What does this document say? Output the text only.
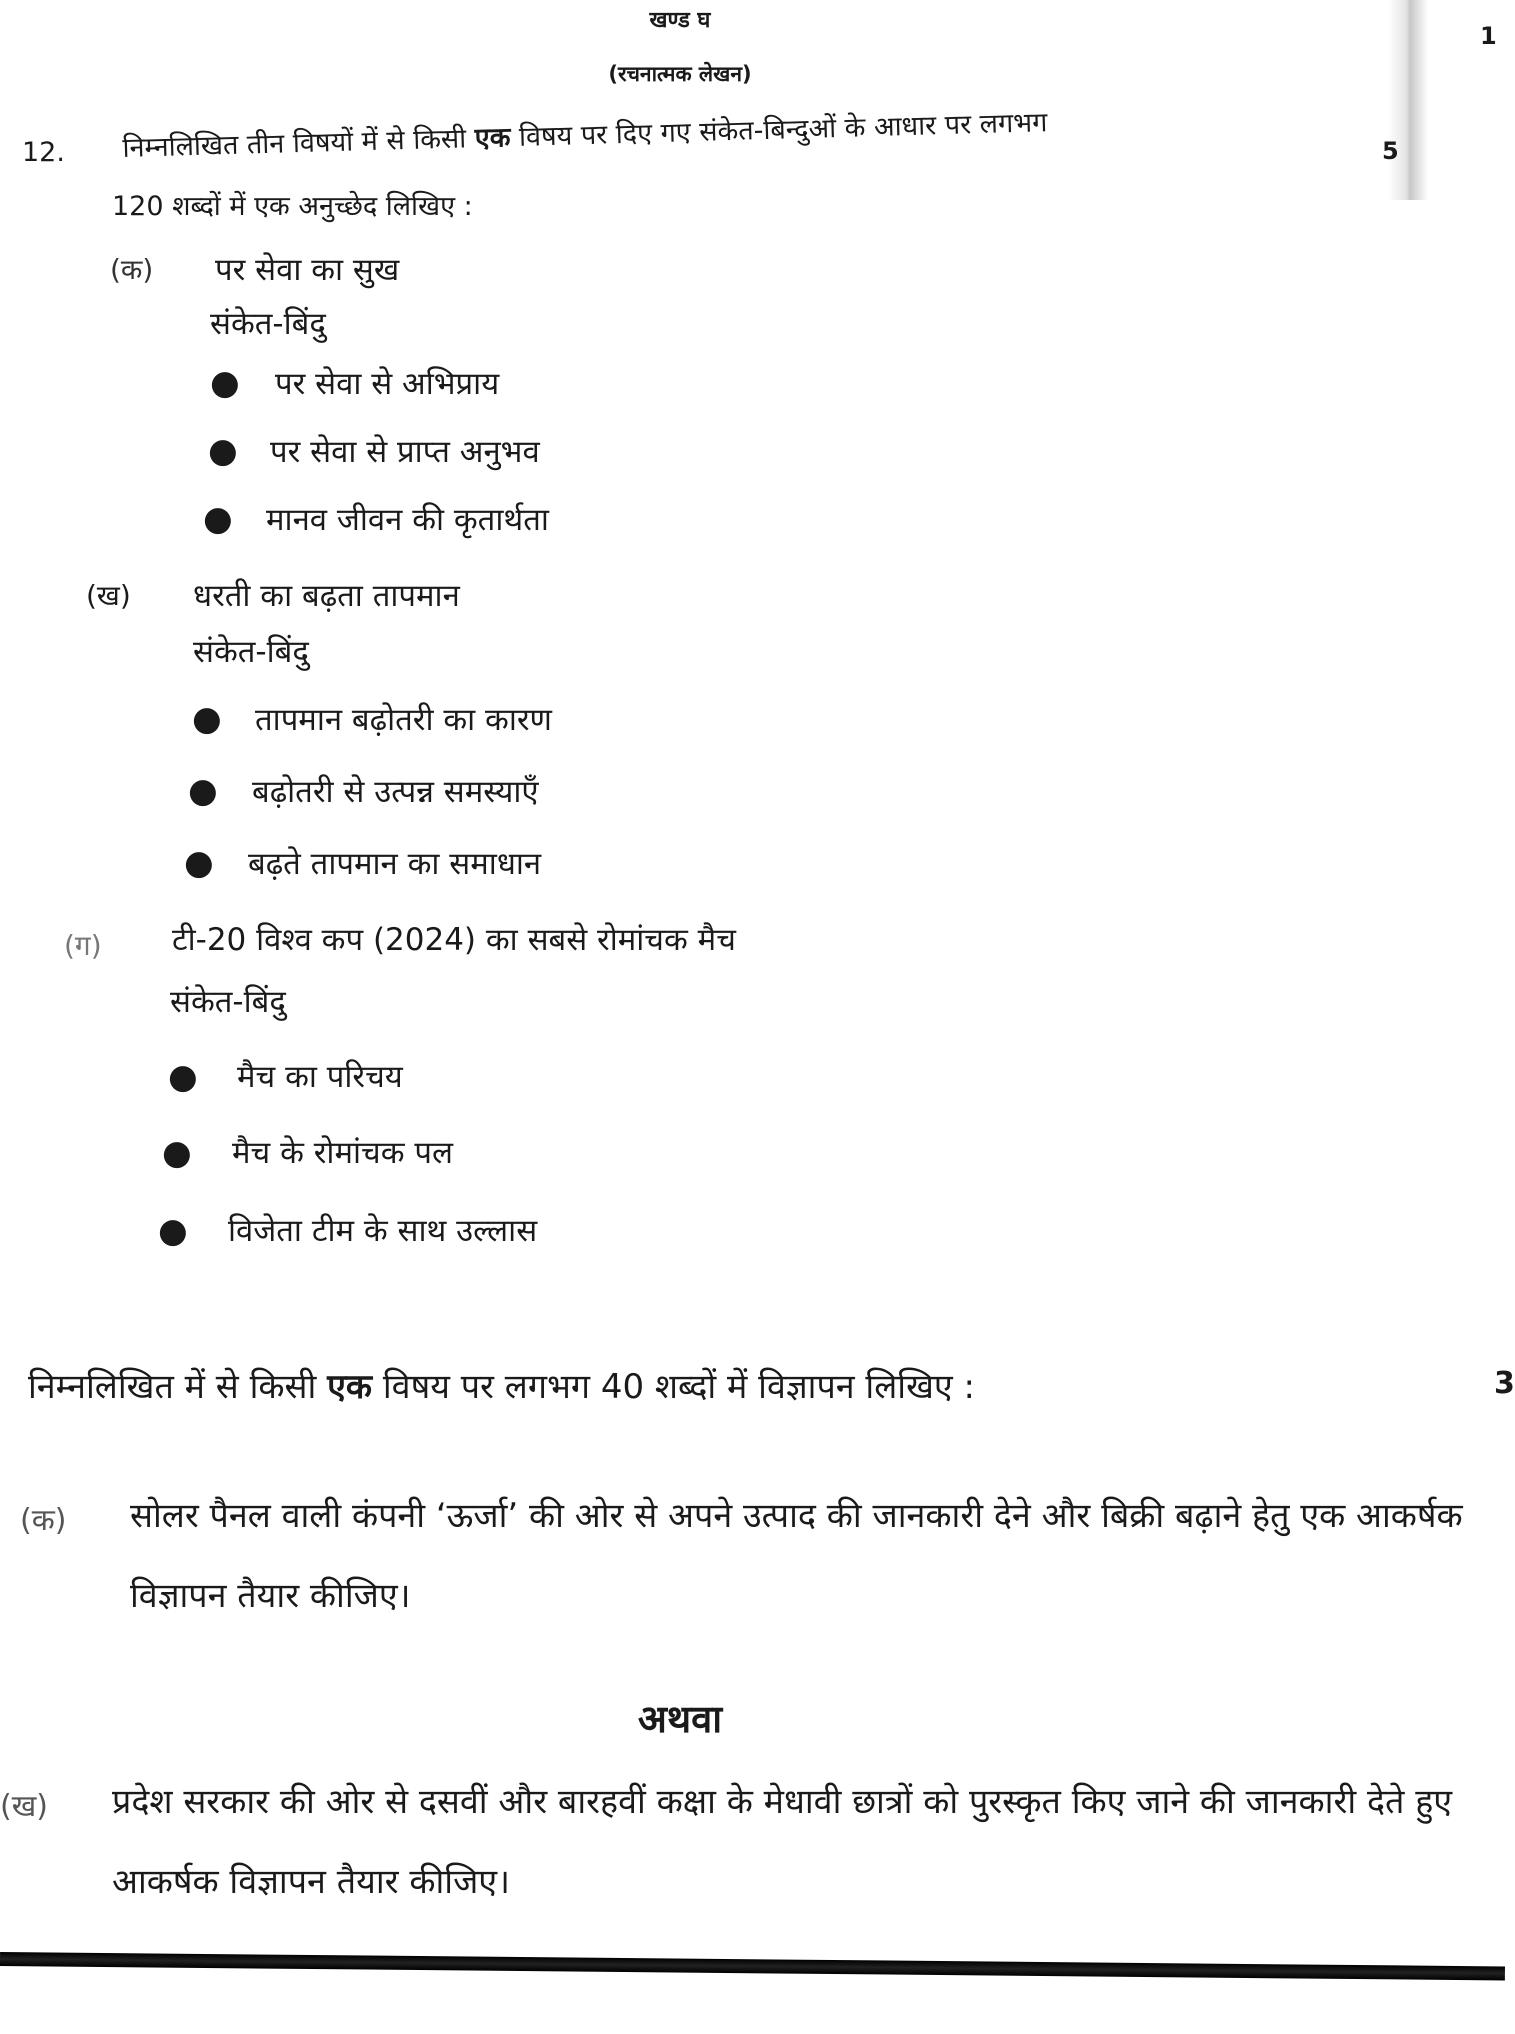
1
खण्ड घ
(रचनात्मक लेखन)
12. निम्नलिखित तीन विषयों में से किसी एक विषय पर दिए गए संकेत-बिन्दुओं के आधार पर लगभग
120 शब्दों में एक अनुच्छेद लिखिए :
5
(क) पर सेवा का सुख
संकेत-बिंदु
● पर सेवा से अभिप्राय
● पर सेवा से प्राप्त अनुभव
● मानव जीवन की कृतार्थता
(ख) धरती का बढ़ता तापमान
संकेत-बिंदु
● तापमान बढ़ोतरी का कारण
● बढ़ोतरी से उत्पन्न समस्याएँ
● बढ़ते तापमान का समाधान
(ग) टी-20 विश्व कप (2024) का सबसे रोमांचक मैच
संकेत-बिंदु
● मैच का परिचय
● मैच के रोमांचक पल
● विजेता टीम के साथ उल्लास
निम्नलिखित में से किसी एक विषय पर लगभग 40 शब्दों में विज्ञापन लिखिए :	3
(क) सोलर पैनल वाली कंपनी ‘ऊर्जा’ की ओर से अपने उत्पाद की जानकारी देने और बिक्री बढ़ाने हेतु एक आकर्षक विज्ञापन तैयार कीजिए।
अथवा
(ख) प्रदेश सरकार की ओर से दसवीं और बारहवीं कक्षा के मेधावी छात्रों को पुरस्कृत किए जाने की जानकारी देते हुए आकर्षक विज्ञापन तैयार कीजिए।
